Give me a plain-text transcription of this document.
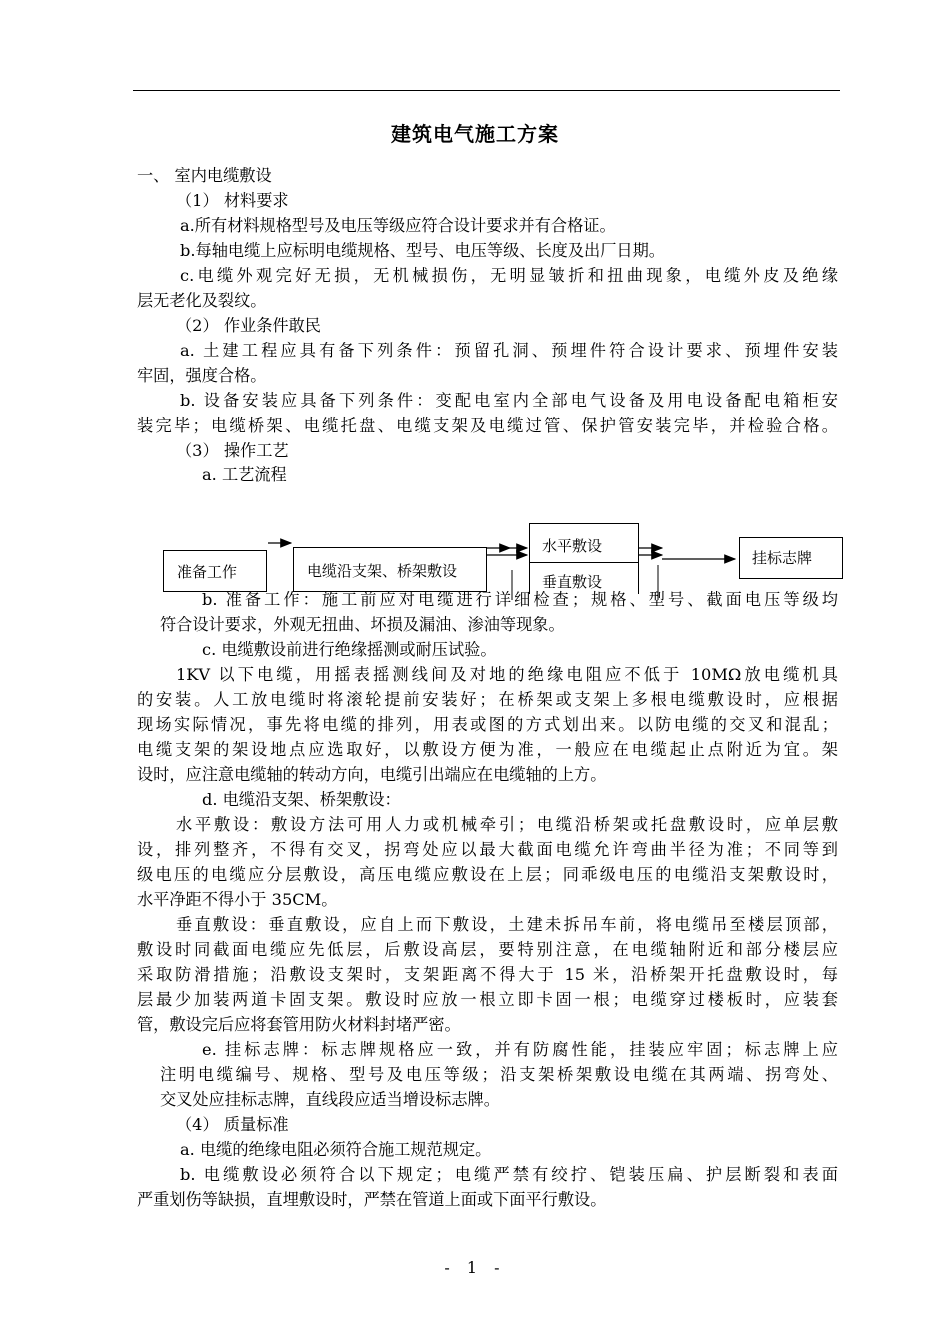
建筑电气施工方案
一、 室内电缆敷设
（1） 材料要求
a.所有材料规格型号及电压等级应符合设计要求并有合格证。
b.每轴电缆上应标明电缆规格、型号、电压等级、长度及出厂日期。
c.电缆外观完好无损，无机械损伤，无明显皱折和扭曲现象，电缆外皮及绝缘
层无老化及裂纹。
（2） 作业条件敢民
a. 土建工程应具有备下列条件：预留孔洞、预埋件符合设计要求、预埋件安装
牢固，强度合格。
b. 设备安装应具备下列条件：变配电室内全部电气设备及用电设备配电箱柜安
装完毕；电缆桥架、电缆托盘、电缆支架及电缆过管、保护管安装完毕，并检验合格。
（3） 操作工艺
a. 工艺流程
准备工作	电缆沿支架、桥架敷设
水平敷设
垂直敷设
挂标志牌
b. 准备工作：施工前应对电缆进行详细检查；规格、型号、截面电压等级均
符合设计要求，外观无扭曲、坏损及漏油、渗油等现象。
c. 电缆敷设前进行绝缘摇测或耐压试验。
1KV 以下电缆，用摇表摇测线间及对地的绝缘电阻应不低于 10MΩ放电缆机具
的安装。人工放电缆时将滚轮提前安装好；在桥架或支架上多根电缆敷设时，应根据
现场实际情况，事先将电缆的排列，用表或图的方式划出来。以防电缆的交叉和混乱；
电缆支架的架设地点应选取好，以敷设方便为准，一般应在电缆起止点附近为宜。架
设时，应注意电缆轴的转动方向，电缆引出端应在电缆轴的上方。
d. 电缆沿支架、桥架敷设：
水平敷设：敷设方法可用人力或机械牵引；电缆沿桥架或托盘敷设时，应单层敷
设，排列整齐，不得有交叉，拐弯处应以最大截面电缆允许弯曲半径为准；不同等到
级电压的电缆应分层敷设，高压电缆应敷设在上层；同乖级电压的电缆沿支架敷设时，
水平净距不得小于 35CM。
垂直敷设：垂直敷设，应自上而下敷设，土建未拆吊车前，将电缆吊至楼层顶部，
敷设时同截面电缆应先低层，后敷设高层，要特别注意，在电缆轴附近和部分楼层应
采取防滑措施；沿敷设支架时，支架距离不得大于 15 米，沿桥架开托盘敷设时，每
层最少加装两道卡固支架。敷设时应放一根立即卡固一根；电缆穿过楼板时，应装套
管，敷设完后应将套管用防火材料封堵严密。
e. 挂标志牌：标志牌规格应一致，并有防腐性能，挂装应牢固；标志牌上应
注明电缆编号、规格、型号及电压等级；沿支架桥架敷设电缆在其两端、拐弯处、
交叉处应挂标志牌，直线段应适当增设标志牌。
（4） 质量标准
a. 电缆的绝缘电阻必须符合施工规范规定。
b. 电缆敷设必须符合以下规定；电缆严禁有绞拧、铠装压扁、护层断裂和表面
严重划伤等缺损，直埋敷设时，严禁在管道上面或下面平行敷设。
- 1 -
